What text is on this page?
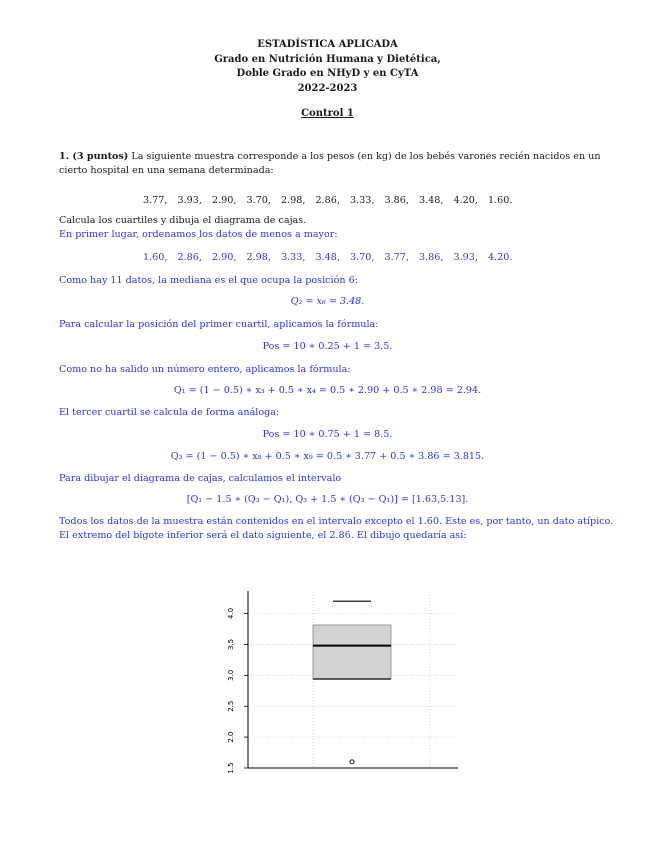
ESTADÍSTICA APLICADA
Grado en Nutrición Humana y Dietética,
Doble Grado en NHyD y en CyTA
2022-2023
Control 1
1. (3 puntos) La siguiente muestra corresponde a los pesos (en kg) de los bebés varones recién nacidos en un cierto hospital en una semana determinada:
3.77,	3.93,	2.90,	3.70,	2.98,	2.86,	3.33,	3.86,	3.48,	4.20,	1.60.
Calcula los cuartiles y dibuja el diagrama de cajas.
En primer lugar, ordenamos los datos de menos a mayor:
1.60,	2.86,	2.90,	2.98,	3.33,	3.48,	3.70,	3.77,	3.86,	3.93,	4.20.
Como hay 11 datos, la mediana es el que ocupa la posición 6:
Q₂ = x₆ = 3.48.
Para calcular la posición del primer cuartil, aplicamos la fórmula:
Pos = 10 ∗ 0.25 + 1 = 3.5.
Como no ha salido un número entero, aplicamos la fórmula:
Q₁ = (1 − 0.5) ∗ x₃ + 0.5 ∗ x₄ = 0.5 ∗ 2.90 + 0.5 ∗ 2.98 = 2.94.
El tercer cuartil se calcula de forma análoga:
Pos = 10 ∗ 0.75 + 1 = 8.5.
Q₃ = (1 − 0.5) ∗ x₈ + 0.5 ∗ x₉ = 0.5 ∗ 3.77 + 0.5 ∗ 3.86 = 3.815.
Para dibujar el diagrama de cajas, calculamos el intervalo
[Q₁ − 1.5 ∗ (Q₃ − Q₁), Q₃ + 1.5 ∗ (Q₃ − Q₁)] = [1.63,5.13].
Todos los datos de la muestra están contenidos en el intervalo excepto el 1.60. Este es, por tanto, un dato atípico. El extremo del bigote inferior será el dato siguiente, el 2.86. El dibujo quedaría así:
1.5
2.0
2.5
3.0
3.5
4.0
